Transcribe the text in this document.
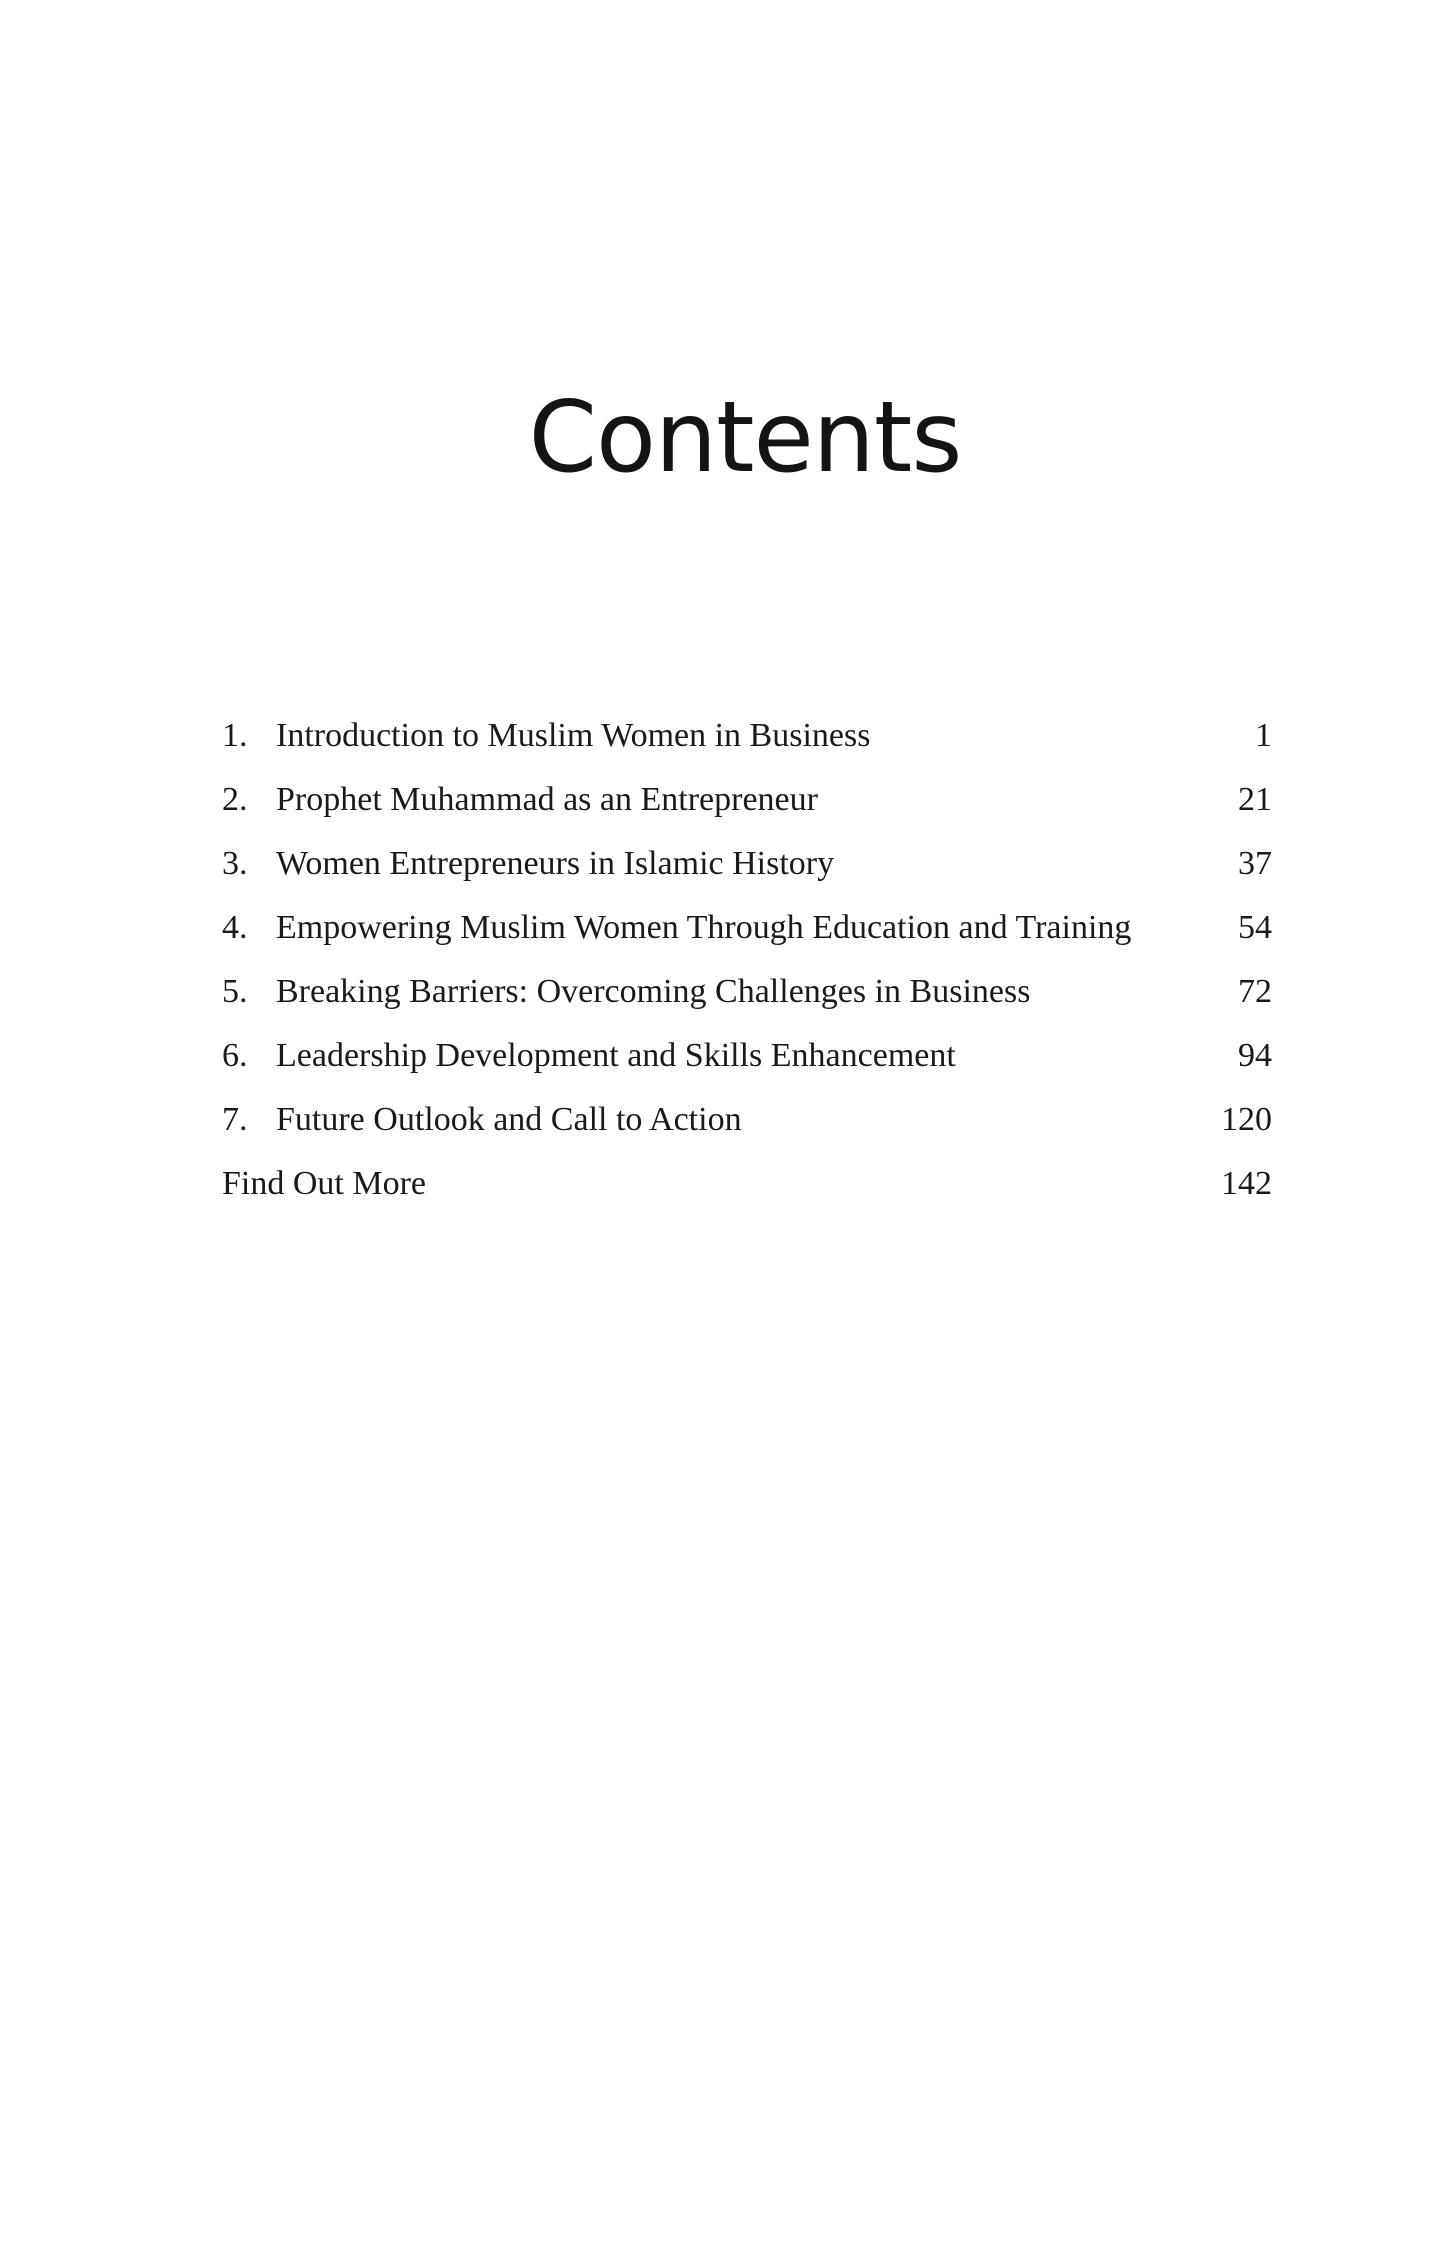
Contents
1. Introduction to Muslim Women in Business	1
2. Prophet Muhammad as an Entrepreneur	21
3. Women Entrepreneurs in Islamic History	37
4. Empowering Muslim Women Through Education and Training	54
5. Breaking Barriers: Overcoming Challenges in Business	72
6. Leadership Development and Skills Enhancement	94
7. Future Outlook and Call to Action	120
Find Out More	142
